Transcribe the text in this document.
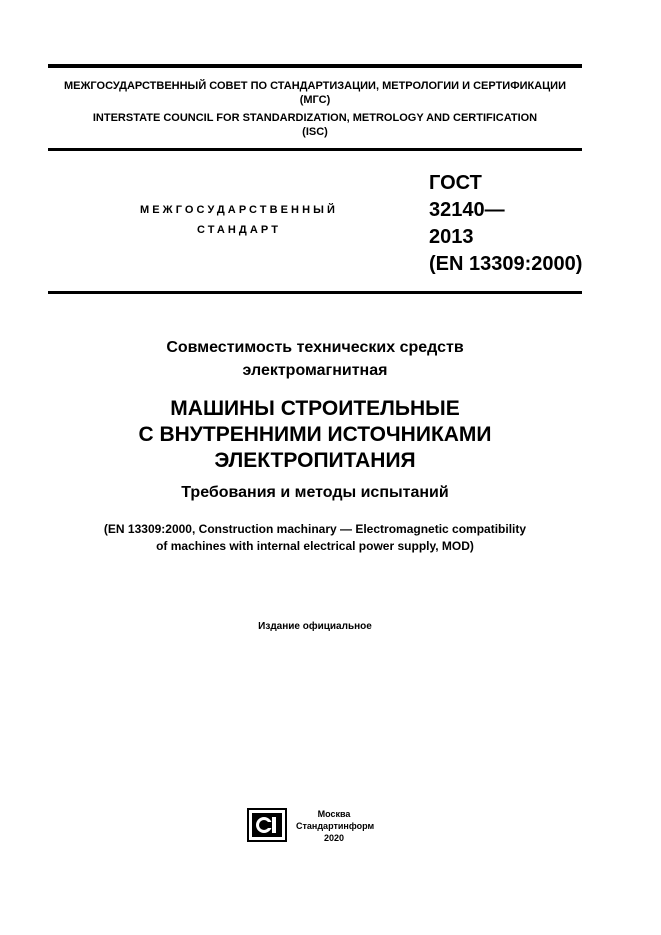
МЕЖГОСУДАРСТВЕННЫЙ СОВЕТ ПО СТАНДАРТИЗАЦИИ, МЕТРОЛОГИИ И СЕРТИФИКАЦИИ
(МГС)
INTERSTATE COUNCIL FOR STANDARDIZATION, METROLOGY AND CERTIFICATION
(ISC)
МЕЖГОСУДАРСТВЕННЫЙ
СТАНДАРТ
ГОСТ
32140—
2013
(EN 13309:2000)
Совместимость технических средств
электромагнитная
МАШИНЫ СТРОИТЕЛЬНЫЕ
С ВНУТРЕННИМИ ИСТОЧНИКАМИ
ЭЛЕКТРОПИТАНИЯ
Требования и методы испытаний
(EN 13309:2000, Construction machinary — Electromagnetic compatibility
of machines with internal electrical power supply, MOD)
Издание официальное
Москва
Стандартинформ
2020
